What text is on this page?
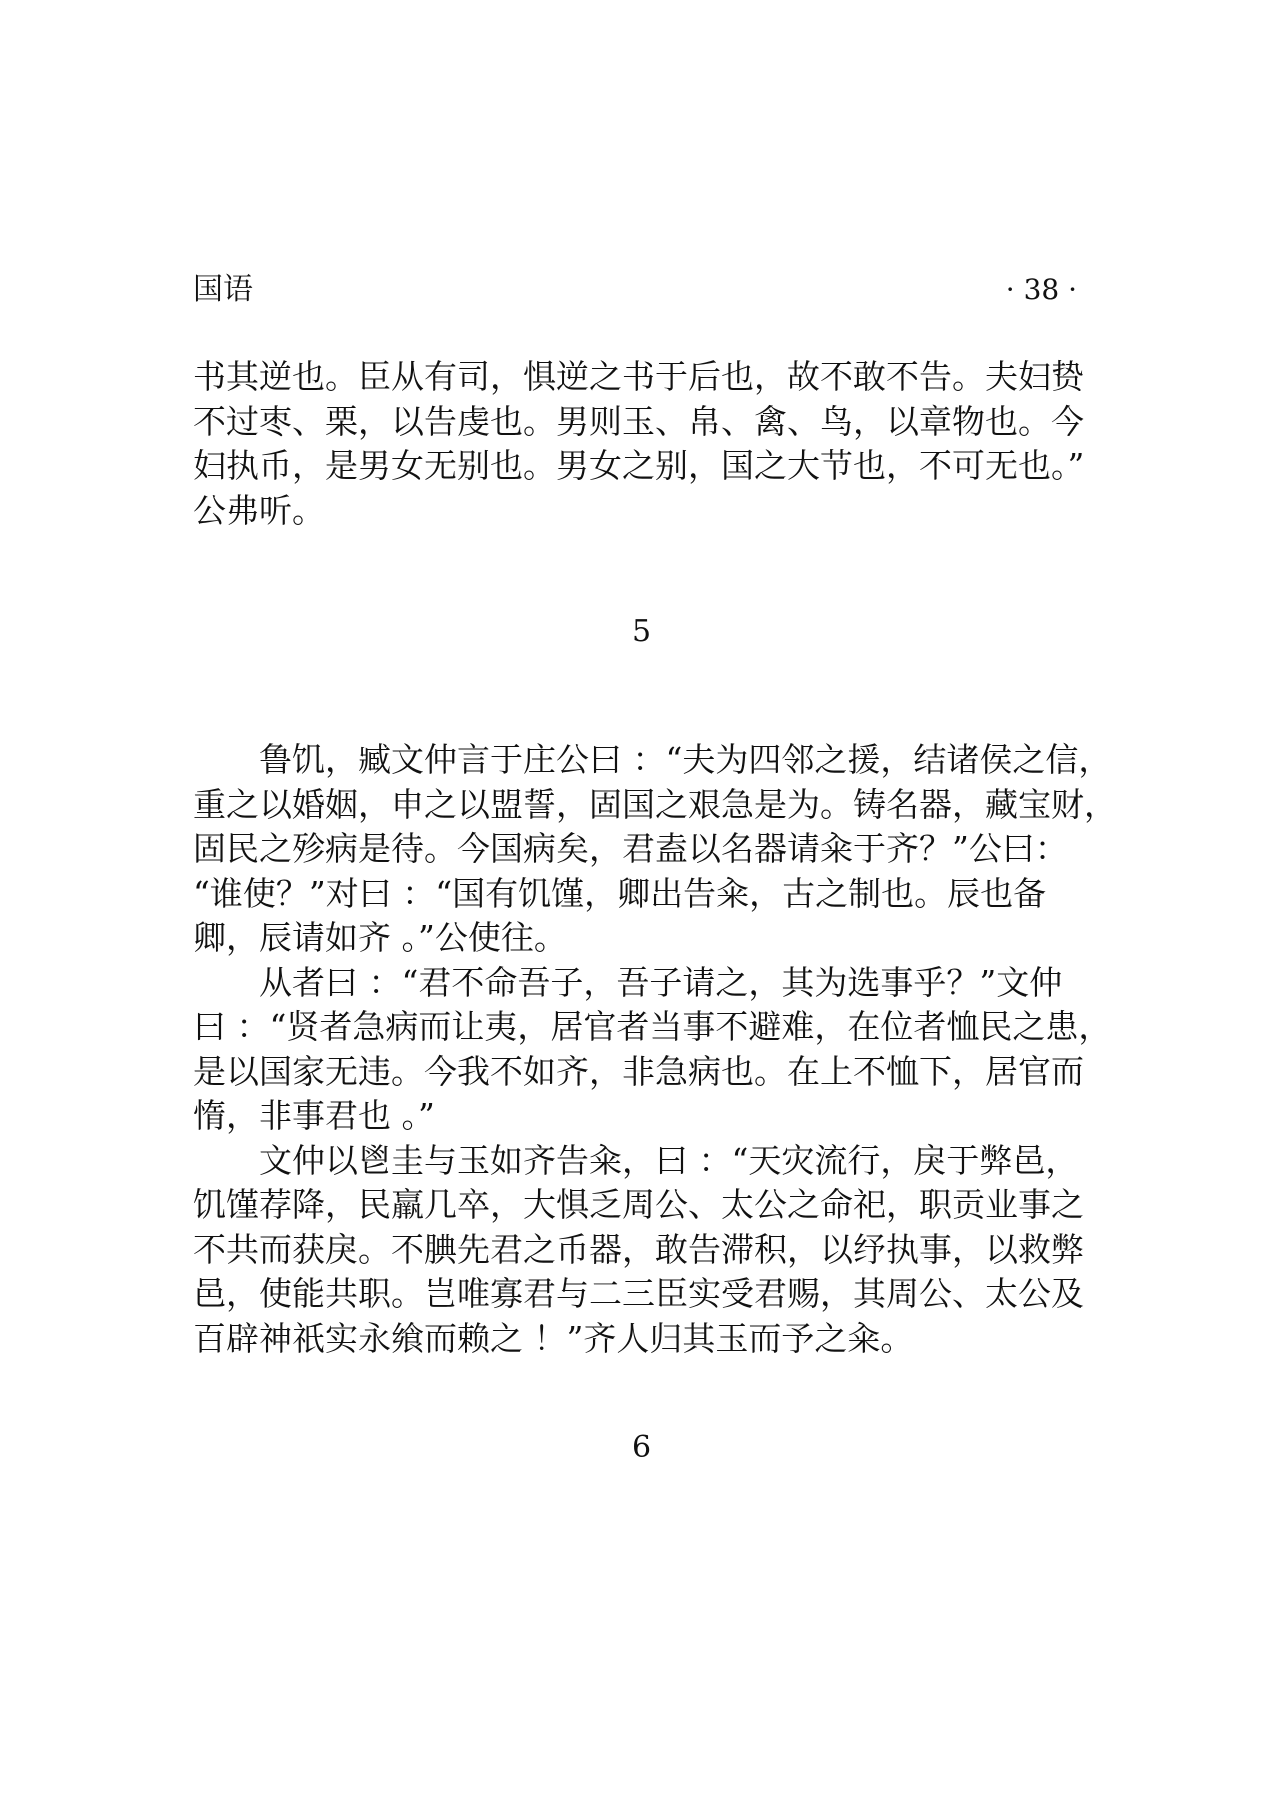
国语	· 38 ·
书其逆也。臣从有司，惧逆之书于后也，故不敢不告。夫妇贽
不过枣、栗，以告虔也。男则玉、帛、禽、鸟，以章物也。今
妇执币，是男女无别也。男女之别，国之大节也，不可无也。”
公弗听。
5
鲁饥，臧文仲言于庄公曰 ：“夫为四邻之援，结诸侯之信，
重之以婚姻，申之以盟誓，固国之艰急是为。铸名器，藏宝财，
固民之殄病是待。今国病矣，君盍以名器请籴于齐？”公曰：
“谁使？”对曰 ：“国有饥馑，卿出告籴，古之制也。辰也备
卿，辰请如齐 。”公使往。
从者曰 ：“君不命吾子，吾子请之，其为选事乎？”文仲
曰 ：“贤者急病而让夷，居官者当事不避难，在位者恤民之患，
是以国家无违。今我不如齐，非急病也。在上不恤下，居官而
惰，非事君也 。”
文仲以鬯圭与玉如齐告籴，曰 ：“天灾流行，戾于弊邑，
饥馑荐降，民羸几卒，大惧乏周公、太公之命祀，职贡业事之
不共而获戾。不腆先君之币器，敢告滞积，以纾执事，以救弊
邑，使能共职。岂唯寡君与二三臣实受君赐，其周公、太公及
百辟神祇实永飨而赖之 ！”齐人归其玉而予之籴。
6
